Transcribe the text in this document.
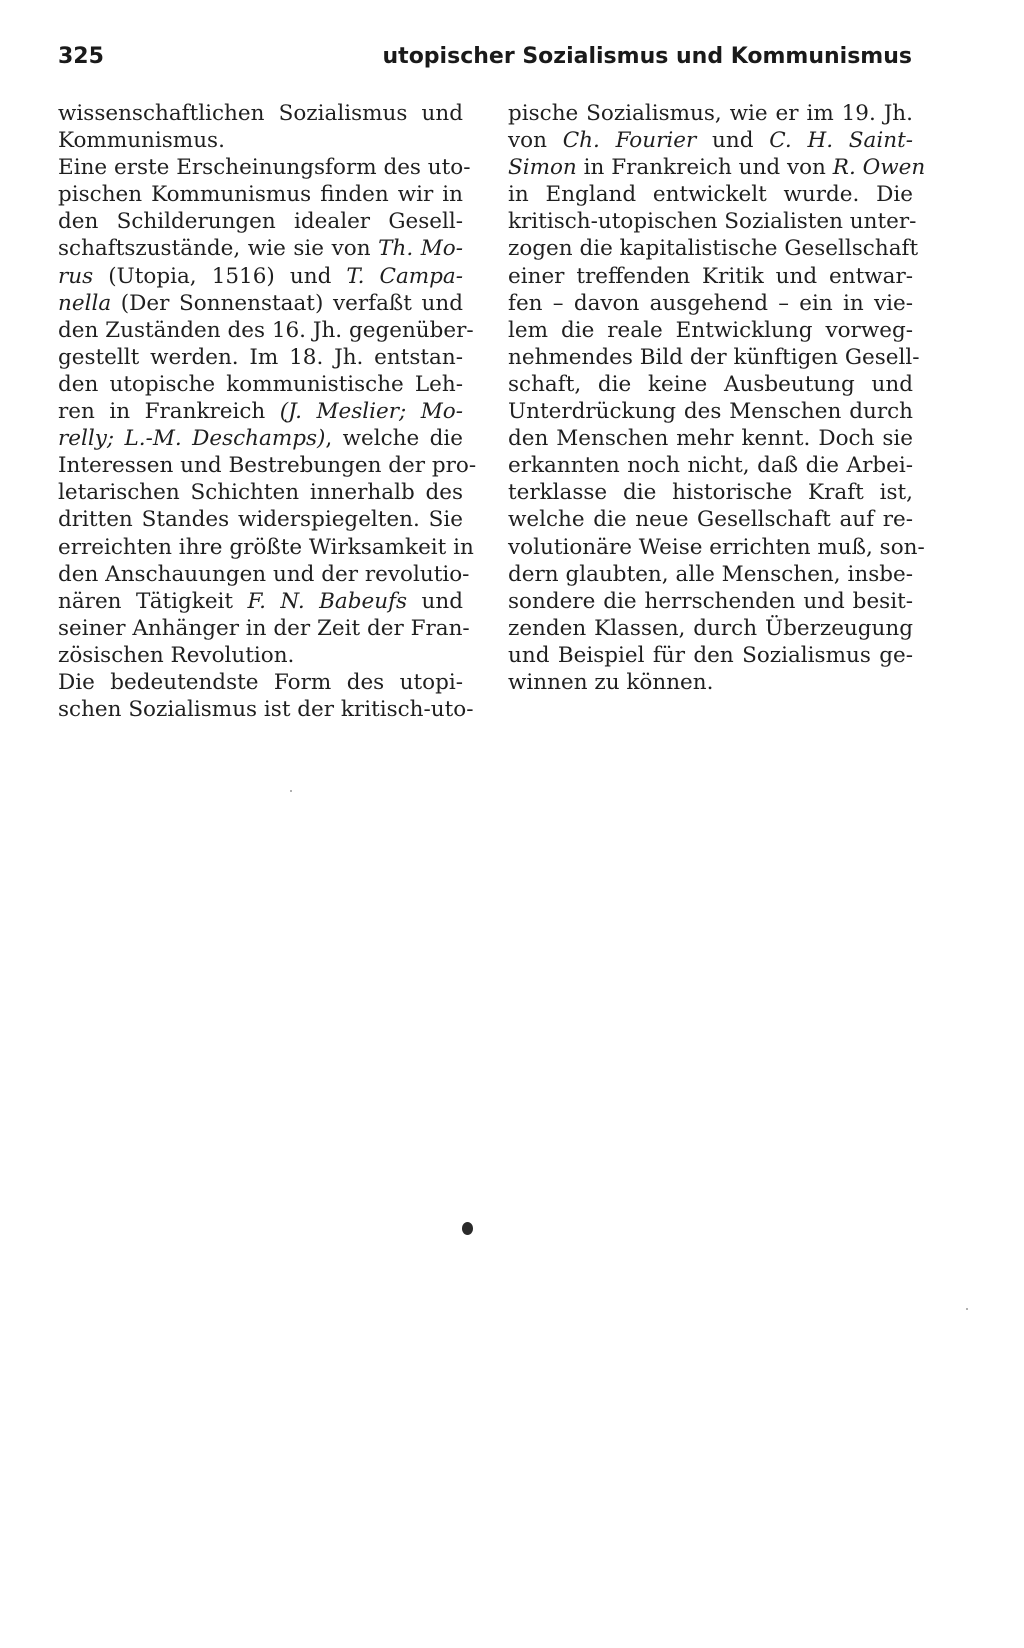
325	utopischer Sozialismus und Kommunismus
wissenschaftlichen Sozialismus und
Kommunismus.
Eine erste Erscheinungsform des uto-
pischen Kommunismus finden wir in
den Schilderungen idealer Gesell-
schaftszustände, wie sie von Th. Mo-
rus (Utopia, 1516) und T. Campa-
nella (Der Sonnenstaat) verfaßt und
den Zuständen des 16. Jh. gegenüber-
gestellt werden. Im 18. Jh. entstan-
den utopische kommunistische Leh-
ren in Frankreich (J. Meslier; Mo-
relly; L.-M. Deschamps), welche die
Interessen und Bestrebungen der pro-
letarischen Schichten innerhalb des
dritten Standes widerspiegelten. Sie
erreichten ihre größte Wirksamkeit in
den Anschauungen und der revolutio-
nären Tätigkeit F. N. Babeufs und
seiner Anhänger in der Zeit der Fran-
zösischen Revolution.
Die bedeutendste Form des utopi-
schen Sozialismus ist der kritisch-uto-
pische Sozialismus, wie er im 19. Jh.
von Ch. Fourier und C. H. Saint-
Simon in Frankreich und von R. Owen
in England entwickelt wurde. Die
kritisch-utopischen Sozialisten unter-
zogen die kapitalistische Gesellschaft
einer treffenden Kritik und entwar-
fen – davon ausgehend – ein in vie-
lem die reale Entwicklung vorweg-
nehmendes Bild der künftigen Gesell-
schaft, die keine Ausbeutung und
Unterdrückung des Menschen durch
den Menschen mehr kennt. Doch sie
erkannten noch nicht, daß die Arbei-
terklasse die historische Kraft ist,
welche die neue Gesellschaft auf re-
volutionäre Weise errichten muß, son-
dern glaubten, alle Menschen, insbe-
sondere die herrschenden und besit-
zenden Klassen, durch Überzeugung
und Beispiel für den Sozialismus ge-
winnen zu können.
